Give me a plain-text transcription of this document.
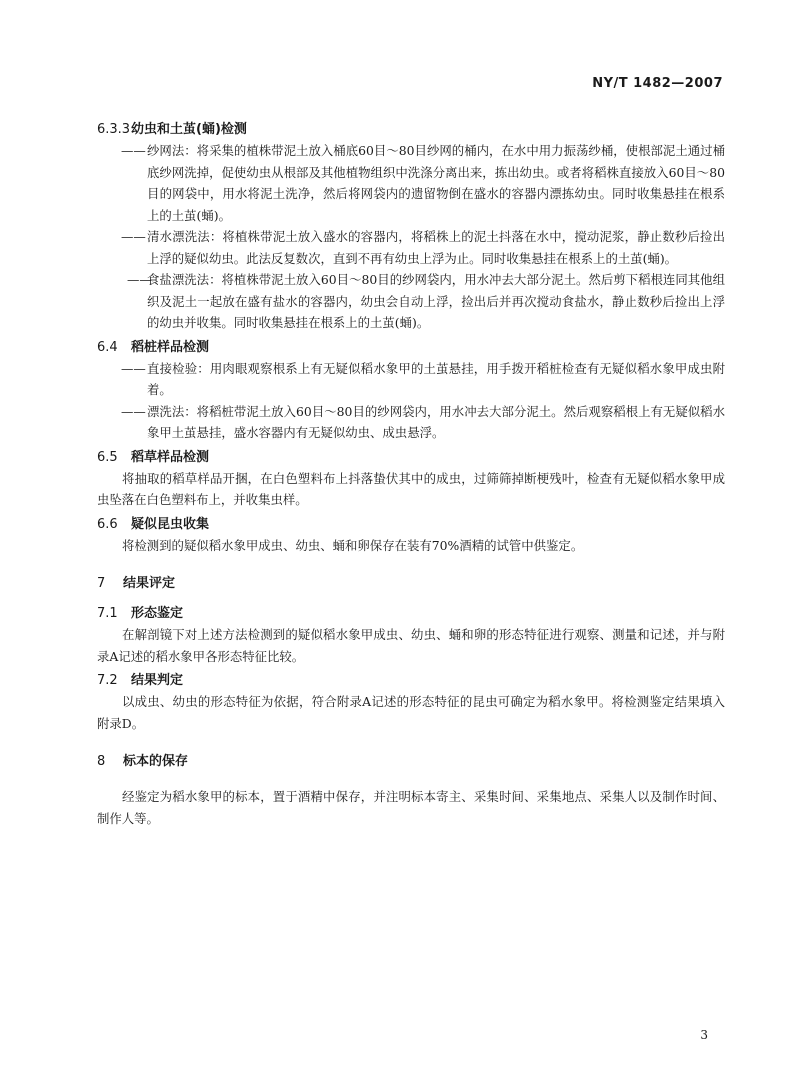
NY/T 1482—2007
6.3.3 幼虫和土茧(蛹)检测
—— 纱网法：将采集的植株带泥土放入桶底60目～80目纱网的桶内，在水中用力振荡纱桶，使根部泥土通过桶底纱网洗掉，促使幼虫从根部及其他植物组织中洗涤分离出来，拣出幼虫。或者将稻株直接放入60目～80目的网袋中，用水将泥土洗净，然后将网袋内的遗留物倒在盛水的容器内漂拣幼虫。同时收集悬挂在根系上的土茧(蛹)。
—— 清水漂洗法：将植株带泥土放入盛水的容器内，将稻株上的泥土抖落在水中，搅动泥浆，静止数秒后捡出上浮的疑似幼虫。此法反复数次，直到不再有幼虫上浮为止。同时收集悬挂在根系上的土茧(蛹)。
——
食盐漂洗法：将植株带泥土放入60目～80目的纱网袋内，用水冲去大部分泥土。然后剪下稻根连同其他组织及泥土一起放在盛有盐水的容器内，幼虫会自动上浮，捡出后并再次搅动食盐水，静止数秒后捡出上浮的幼虫并收集。同时收集悬挂在根系上的土茧(蛹)。
6.4	稻桩样品检测
—— 直接检验：用肉眼观察根系上有无疑似稻水象甲的土茧悬挂，用手拨开稻桩检查有无疑似稻水象甲成虫附着。
—— 漂洗法：将稻桩带泥土放入60目～80目的纱网袋内，用水冲去大部分泥土。然后观察稻根上有无疑似稻水象甲土茧悬挂，盛水容器内有无疑似幼虫、成虫悬浮。
6.5	稻草样品检测

将抽取的稻草样品开捆，在白色塑料布上抖落蛰伏其中的成虫，过筛筛掉断梗残叶，检查有无疑似稻水象甲成虫坠落在白色塑料布上，并收集虫样。

6.6	疑似昆虫收集

将检测到的疑似稻水象甲成虫、幼虫、蛹和卵保存在装有70%酒精的试管中供鉴定。

7	结果评定
7.1	形态鉴定

在解剖镜下对上述方法检测到的疑似稻水象甲成虫、幼虫、蛹和卵的形态特征进行观察、测量和记述，并与附录A记述的稻水象甲各形态特征比较。

7.2	结果判定

以成虫、幼虫的形态特征为依据，符合附录A记述的形态特征的昆虫可确定为稻水象甲。将检测鉴定结果填入附录D。

8	标本的保存

经鉴定为稻水象甲的标本，置于酒精中保存，并注明标本寄主、采集时间、采集地点、采集人以及制作时间、制作人等。

3
